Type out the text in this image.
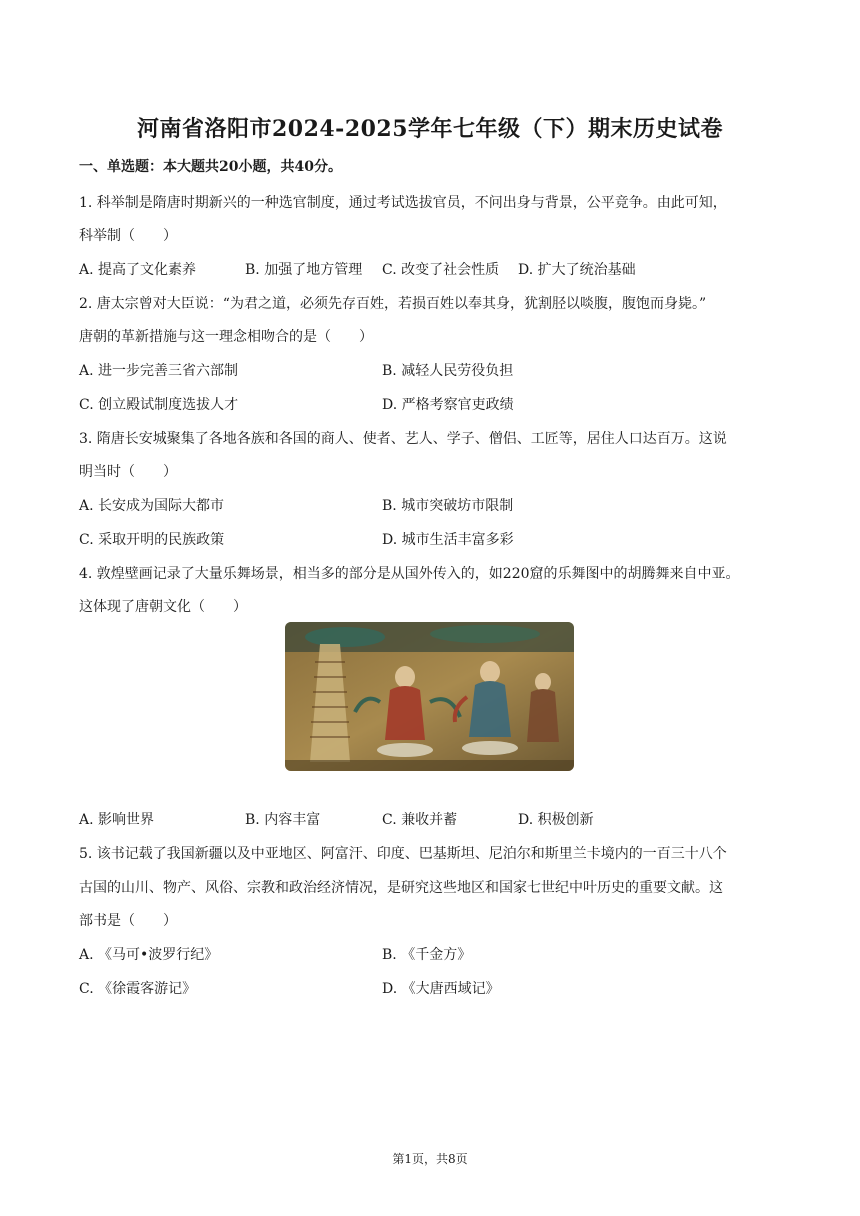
河南省洛阳市2024-2025学年七年级（下）期末历史试卷
一、单选题：本大题共20小题，共40分。
1. 科举制是隋唐时期新兴的一种选官制度，通过考试选拔官员，不问出身与背景，公平竞争。由此可知，
科举制（　　）
A. 提高了文化素养	B. 加强了地方管理 C. 改变了社会性质 D. 扩大了统治基础
2. 唐太宗曾对大臣说：“为君之道，必须先存百姓，若损百姓以奉其身，犹割胫以啖腹，腹饱而身毙。”
唐朝的革新措施与这一理念相吻合的是（　　）
A. 进一步完善三省六部制	B. 减轻人民劳役负担
C. 创立殿试制度选拔人才	D. 严格考察官吏政绩
3. 隋唐长安城聚集了各地各族和各国的商人、使者、艺人、学子、僧侣、工匠等，居住人口达百万。这说
明当时（　　）
A. 长安成为国际大都市	B. 城市突破坊市限制
C. 采取开明的民族政策	D. 城市生活丰富多彩
4. 敦煌壁画记录了大量乐舞场景，相当多的部分是从国外传入的，如220窟的乐舞图中的胡腾舞来自中亚。
这体现了唐朝文化（　　）
A. 影响世界	B. 内容丰富	C. 兼收并蓄	D. 积极创新
5. 该书记载了我国新疆以及中亚地区、阿富汗、印度、巴基斯坦、尼泊尔和斯里兰卡境内的一百三十八个
古国的山川、物产、风俗、宗教和政治经济情况，是研究这些地区和国家七世纪中叶历史的重要文献。这
部书是（　　）
A. 《马可•波罗行纪》	B. 《千金方》
C. 《徐霞客游记》	D. 《大唐西域记》
第1页，共8页
